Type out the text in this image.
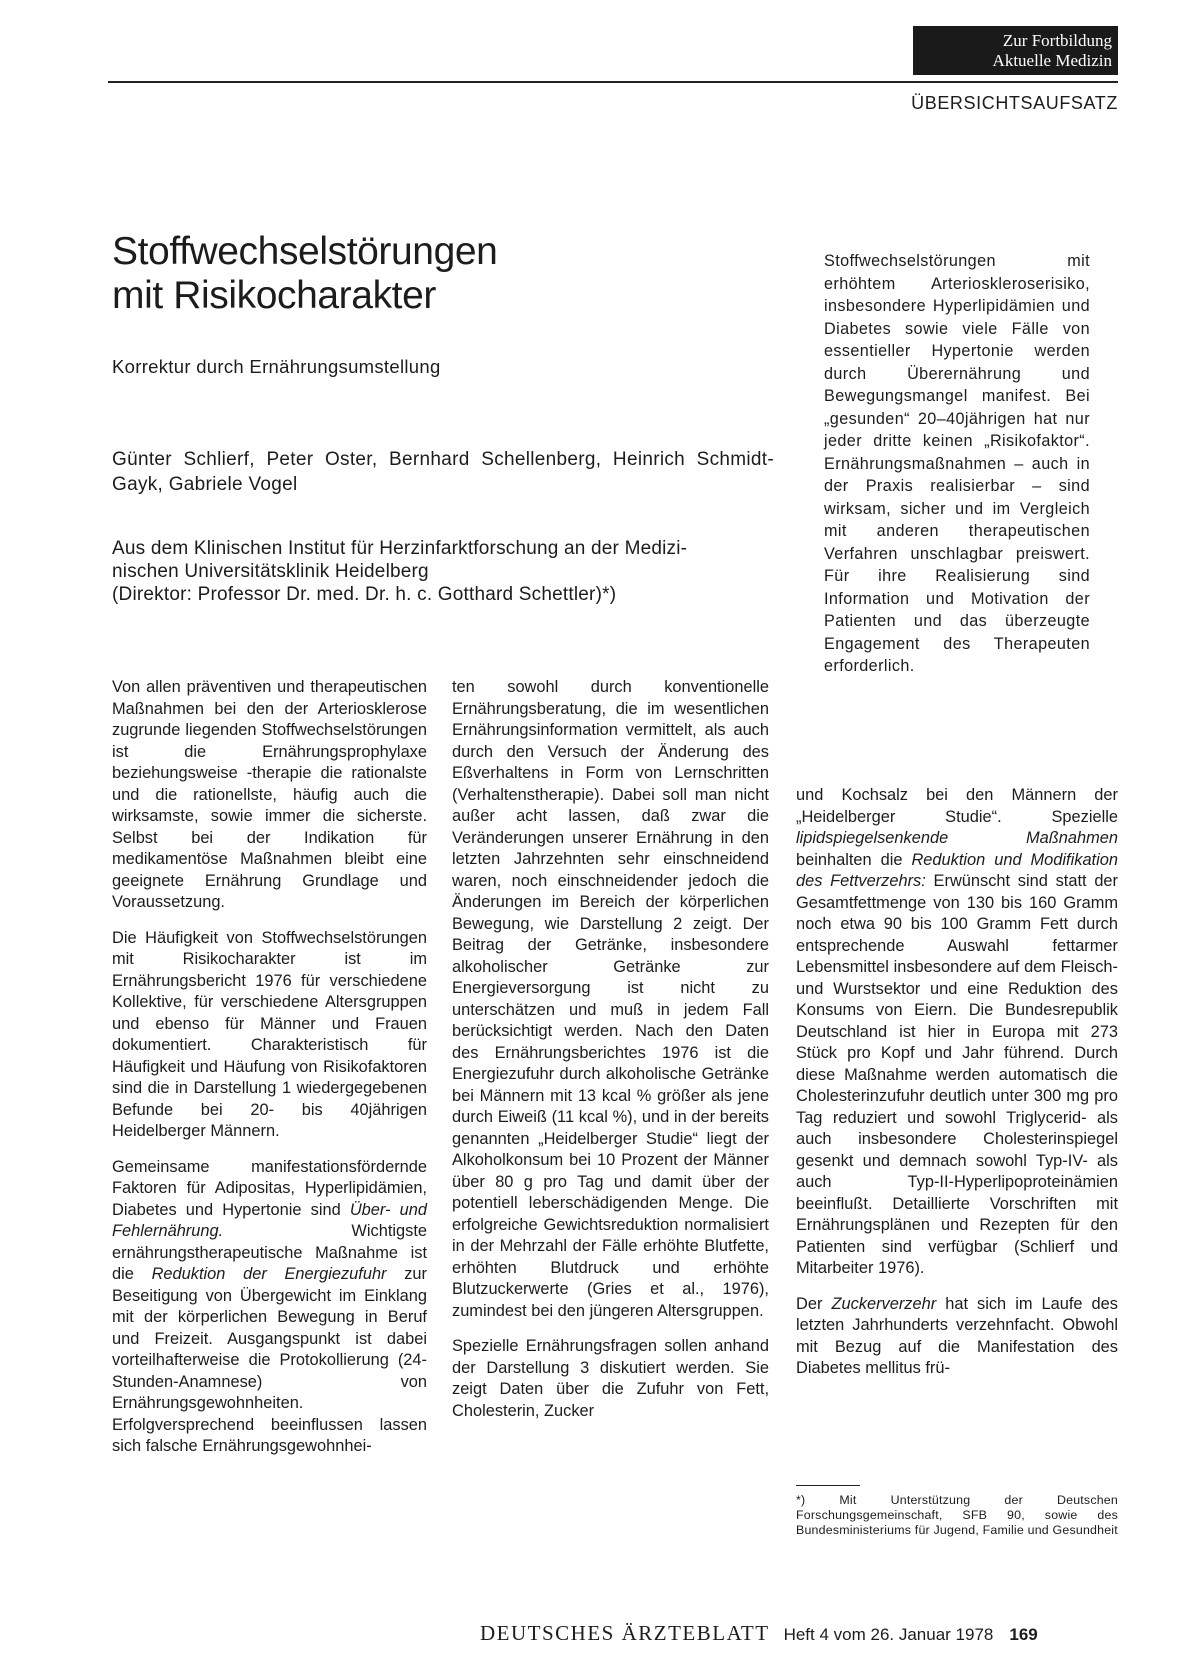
Zur Fortbildung
Aktuelle Medizin
ÜBERSICHTSAUFSATZ
Stoffwechselstörungen
mit Risikocharakter
Korrektur durch Ernährungsumstellung
Günter Schlierf, Peter Oster, Bernhard Schellenberg, Heinrich Schmidt-Gayk, Gabriele Vogel
Aus dem Klinischen Institut für Herzinfarktforschung an der Medizi-
nischen Universitätsklinik Heidelberg
(Direktor: Professor Dr. med. Dr. h. c. Gotthard Schettler)*)
Stoffwechselstörungen mit erhöhtem Arterioskleroserisiko, insbesondere Hyperlipidämien und Diabetes sowie viele Fälle von essentieller Hypertonie werden durch Überernährung und Bewegungsmangel manifest. Bei „gesunden“ 20–40jährigen hat nur jeder dritte keinen „Risikofaktor“. Ernährungsmaßnahmen – auch in der Praxis realisierbar – sind wirksam, sicher und im Vergleich mit anderen therapeutischen Verfahren unschlagbar preiswert. Für ihre Realisierung sind Information und Motivation der Patienten und das überzeugte Engagement des Therapeuten erforderlich.

Von allen präventiven und therapeutischen Maßnahmen bei den der Arteriosklerose zugrunde liegenden Stoffwechselstörungen ist die Ernährungsprophylaxe beziehungsweise -therapie die rationalste und die rationellste, häufig auch die wirksamste, sowie immer die sicherste. Selbst bei der Indikation für medikamentöse Maßnahmen bleibt eine geeignete Ernährung Grundlage und Voraussetzung.

Die Häufigkeit von Stoffwechselstörungen mit Risikocharakter ist im Ernährungsbericht 1976 für verschiedene Kollektive, für verschiedene Altersgruppen und ebenso für Männer und Frauen dokumentiert. Charakteristisch für Häufigkeit und Häufung von Risikofaktoren sind die in Darstellung 1 wiedergegebenen Befunde bei 20- bis 40jährigen Heidelberger Männern.

Gemeinsame manifestationsfördernde Faktoren für Adipositas, Hyperlipidämien, Diabetes und Hypertonie sind Über- und Fehlernährung. Wichtigste ernährungstherapeutische Maßnahme ist die Reduktion der Energiezufuhr zur Beseitigung von Übergewicht im Einklang mit der körperlichen Bewegung in Beruf und Freizeit. Ausgangspunkt ist dabei vorteilhafterweise die Protokollierung (24-Stunden-Anamnese) von Ernährungsgewohnheiten. Erfolgversprechend beeinflussen lassen sich falsche Ernährungsgewohnhei-

ten sowohl durch konventionelle Ernährungsberatung, die im wesentlichen Ernährungsinformation vermittelt, als auch durch den Versuch der Änderung des Eßverhaltens in Form von Lernschritten (Verhaltenstherapie). Dabei soll man nicht außer acht lassen, daß zwar die Veränderungen unserer Ernährung in den letzten Jahrzehnten sehr einschneidend waren, noch einschneidender jedoch die Änderungen im Bereich der körperlichen Bewegung, wie Darstellung 2 zeigt. Der Beitrag der Getränke, insbesondere alkoholischer Getränke zur Energieversorgung ist nicht zu unterschätzen und muß in jedem Fall berücksichtigt werden. Nach den Daten des Ernährungsberichtes 1976 ist die Energiezufuhr durch alkoholische Getränke bei Männern mit 13 kcal % größer als jene durch Eiweiß (11 kcal %), und in der bereits genannten „Heidelberger Studie“ liegt der Alkoholkonsum bei 10 Prozent der Männer über 80 g pro Tag und damit über der potentiell leberschädigenden Menge. Die erfolgreiche Gewichtsreduktion normalisiert in der Mehrzahl der Fälle erhöhte Blutfette, erhöhten Blutdruck und erhöhte Blutzuckerwerte (Gries et al., 1976), zumindest bei den jüngeren Altersgruppen.

Spezielle Ernährungsfragen sollen anhand der Darstellung 3 diskutiert werden. Sie zeigt Daten über die Zufuhr von Fett, Cholesterin, Zucker

und Kochsalz bei den Männern der „Heidelberger Studie“. Spezielle lipidspiegelsenkende Maßnahmen beinhalten die Reduktion und Modifikation des Fettverzehrs: Erwünscht sind statt der Gesamtfettmenge von 130 bis 160 Gramm noch etwa 90 bis 100 Gramm Fett durch entsprechende Auswahl fettarmer Lebensmittel insbesondere auf dem Fleisch- und Wurstsektor und eine Reduktion des Konsums von Eiern. Die Bundesrepublik Deutschland ist hier in Europa mit 273 Stück pro Kopf und Jahr führend. Durch diese Maßnahme werden automatisch die Cholesterinzufuhr deutlich unter 300 mg pro Tag reduziert und sowohl Triglycerid- als auch insbesondere Cholesterinspiegel gesenkt und demnach sowohl Typ-IV- als auch Typ-II-Hyperlipoproteinämien beeinflußt. Detaillierte Vorschriften mit Ernährungsplänen und Rezepten für den Patienten sind verfügbar (Schlierf und Mitarbeiter 1976).

Der Zuckerverzehr hat sich im Laufe des letzten Jahrhunderts verzehnfacht. Obwohl mit Bezug auf die Manifestation des Diabetes mellitus frü-

*) Mit Unterstützung der Deutschen Forschungsgemeinschaft, SFB 90, sowie des Bundesministeriums für Jugend, Familie und Gesundheit
DEUTSCHES ÄRZTEBLATT Heft 4 vom 26. Januar 1978 169
